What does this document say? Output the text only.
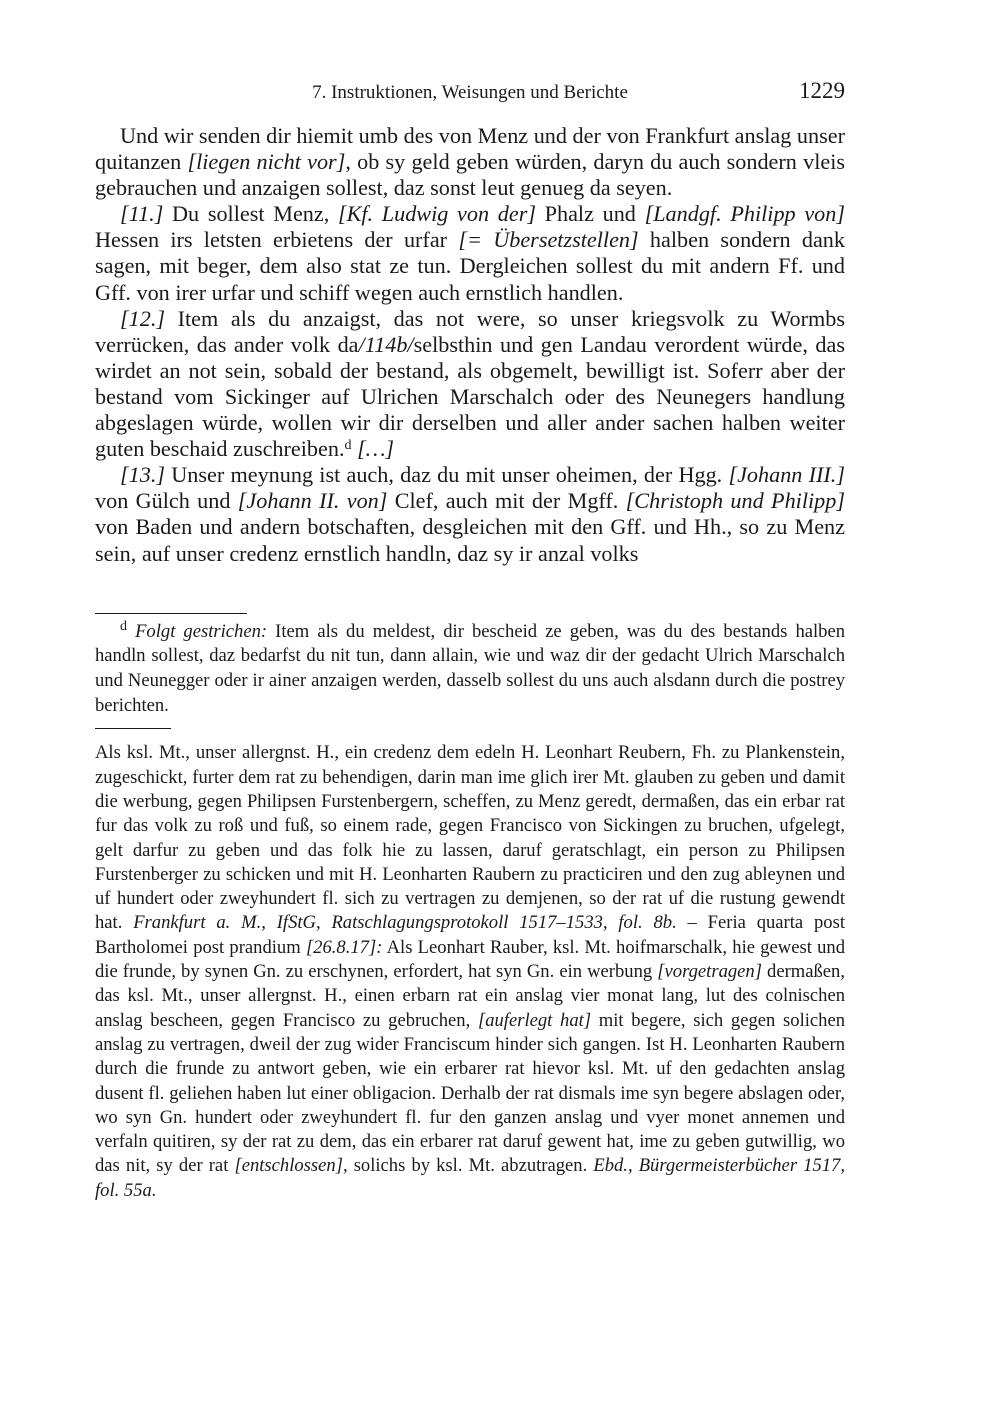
7. Instruktionen, Weisungen und Berichte	1229

Und wir senden dir hiemit umb des von Menz und der von Frankfurt anslag unser quitanzen [liegen nicht vor], ob sy geld geben würden, daryn du auch sondern vleis gebrauchen und anzaigen sollest, daz sonst leut genueg da seyen.

[11.] Du sollest Menz, [Kf. Ludwig von der] Phalz und [Landgf. Philipp von] Hessen irs letsten erbietens der urfar [= Übersetzstellen] halben sondern dank sagen, mit beger, dem also stat ze tun. Dergleichen sollest du mit andern Ff. und Gff. von irer urfar und schiff wegen auch ernstlich handlen.

[12.] Item als du anzaigst, das not were, so unser kriegsvolk zu Wormbs verrücken, das ander volk da/114b/selbsthin und gen Landau verordent würde, das wirdet an not sein, sobald der bestand, als obgemelt, bewilligt ist. Soferr aber der bestand vom Sickinger auf Ulrichen Marschalch oder des Neunegers handlung abgeslagen würde, wollen wir dir derselben und aller ander sachen halben weiter guten beschaid zuschreiben.$^d$ […]

[13.] Unser meynung ist auch, daz du mit unser oheimen, der Hgg. [Johann III.] von Gülch und [Johann II. von] Clef, auch mit der Mgff. [Christoph und Philipp] von Baden und andern botschaften, desgleichen mit den Gff. und Hh., so zu Menz sein, auf unser credenz ernstlich handln, daz sy ir anzal volks

$^d$ Folgt gestrichen: Item als du meldest, dir bescheid ze geben, was du des bestands halben handln sollest, daz bedarfst du nit tun, dann allain, wie und waz dir der gedacht Ulrich Marschalch und Neunegger oder ir ainer anzaigen werden, dasselb sollest du uns auch alsdann durch die postrey berichten.

Als ksl. Mt., unser allergnst. H., ein credenz dem edeln H. Leonhart Reubern, Fh. zu Plankenstein, zugeschickt, furter dem rat zu behendigen, darin man ime glich irer Mt. glauben zu geben und damit die werbung, gegen Philipsen Furstenbergern, scheffen, zu Menz geredt, dermaßen, das ein erbar rat fur das volk zu roß und fuß, so einem rade, gegen Francisco von Sickingen zu bruchen, ufgelegt, gelt darfur zu geben und das folk hie zu lassen, daruf geratschlagt, ein person zu Philipsen Furstenberger zu schicken und mit H. Leonharten Raubern zu practiciren und den zug ableynen und uf hundert oder zweyhundert fl. sich zu vertragen zu demjenen, so der rat uf die rustung gewendt hat. Frankfurt a. M., IfStG, Ratschlagungsprotokoll 1517–1533, fol. 8b. – Feria quarta post Bartholomei post prandium [26.8.17]: Als Leonhart Rauber, ksl. Mt. hoifmarschalk, hie gewest und die frunde, by synen Gn. zu erschynen, erfordert, hat syn Gn. ein werbung [vorgetragen] dermaßen, das ksl. Mt., unser allergnst. H., einen erbarn rat ein anslag vier monat lang, lut des colnischen anslag bescheen, gegen Francisco zu gebruchen, [auferlegt hat] mit begere, sich gegen solichen anslag zu vertragen, dweil der zug wider Franciscum hinder sich gangen. Ist H. Leonharten Raubern durch die frunde zu antwort geben, wie ein erbarer rat hievor ksl. Mt. uf den gedachten anslag dusent fl. geliehen haben lut einer obligacion. Derhalb der rat dismals ime syn begere abslagen oder, wo syn Gn. hundert oder zweyhundert fl. fur den ganzen anslag und vyer monet annemen und verfaln quitiren, sy der rat zu dem, das ein erbarer rat daruf gewent hat, ime zu geben gutwillig, wo das nit, sy der rat [entschlossen], solichs by ksl. Mt. abzutragen. Ebd., Bürgermeisterbücher 1517, fol. 55a.
